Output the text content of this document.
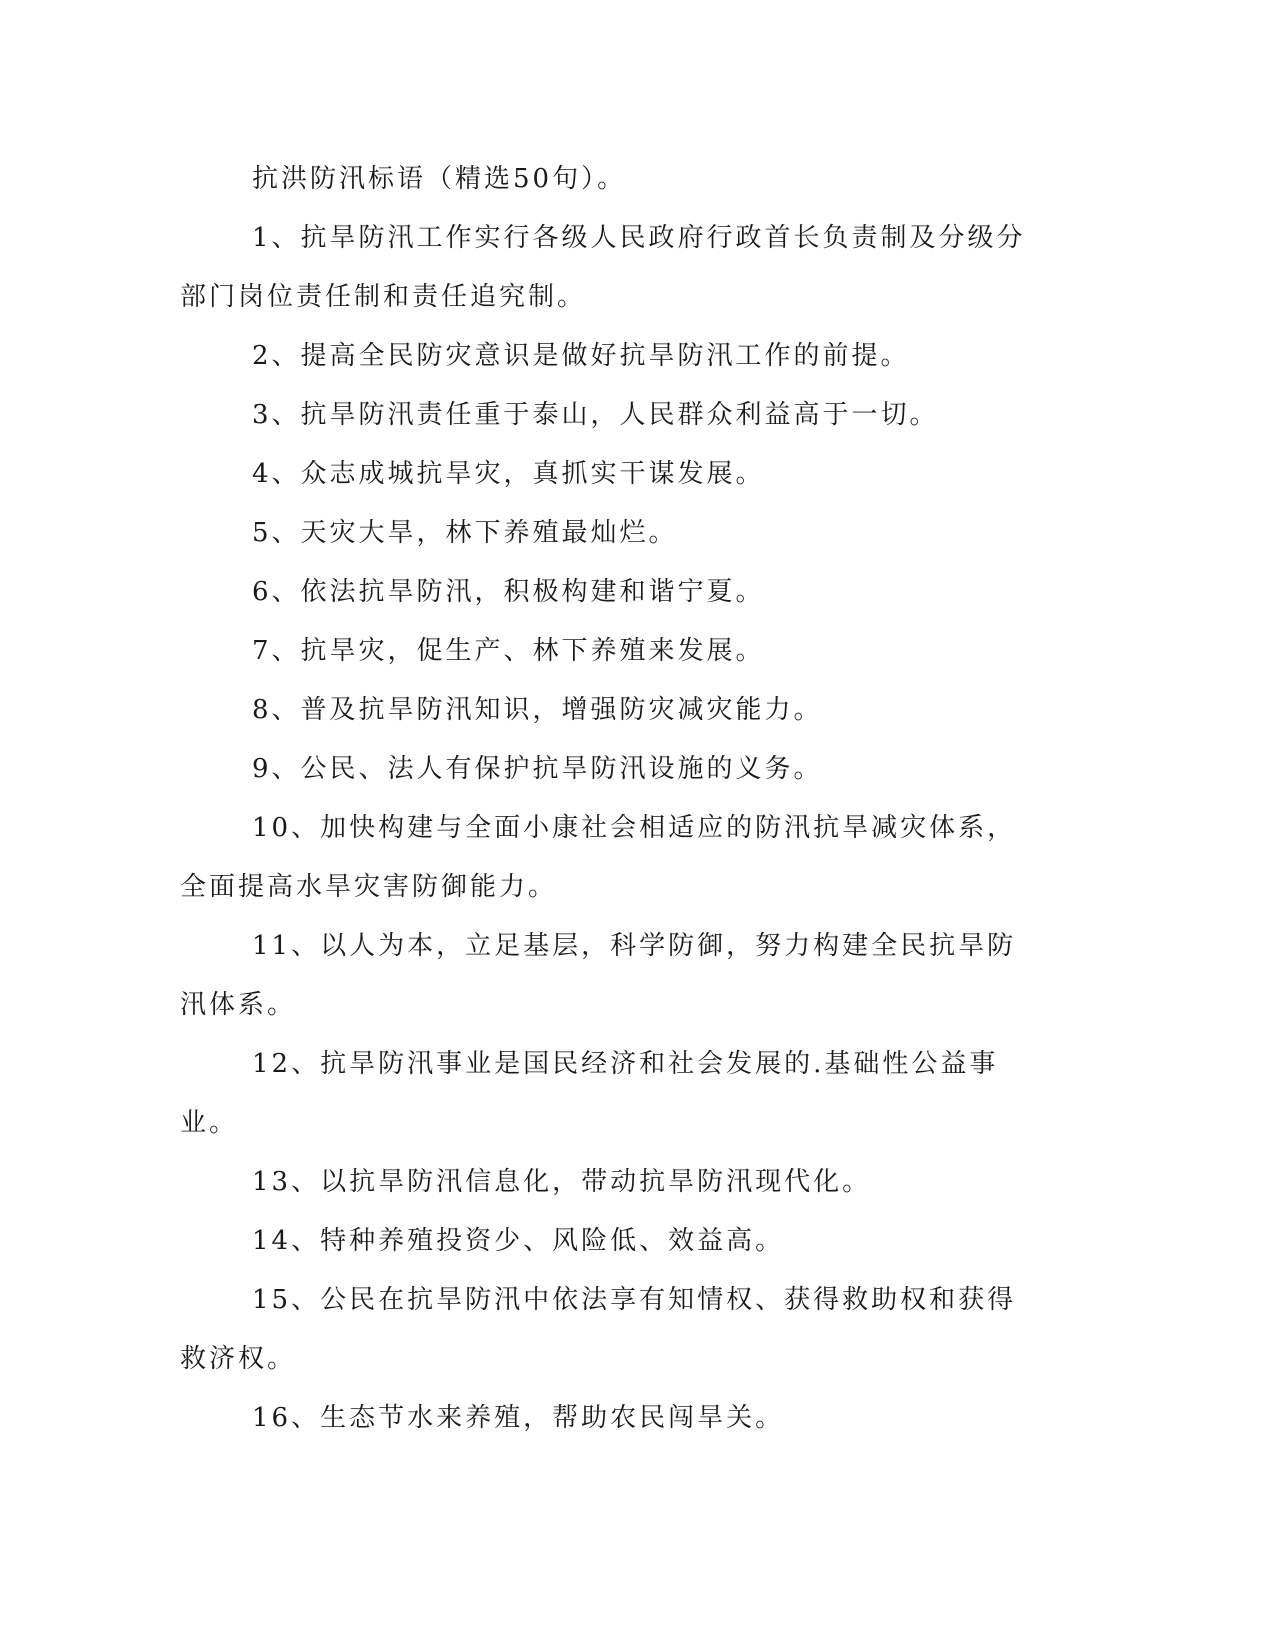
抗洪防汛标语（精选50句）。

1、抗旱防汛工作实行各级人民政府行政首长负责制及分级分部门岗位责任制和责任追究制。

2、提高全民防灾意识是做好抗旱防汛工作的前提。

3、抗旱防汛责任重于泰山，人民群众利益高于一切。

4、众志成城抗旱灾，真抓实干谋发展。

5、天灾大旱，林下养殖最灿烂。

6、依法抗旱防汛，积极构建和谐宁夏。

7、抗旱灾，促生产、林下养殖来发展。

8、普及抗旱防汛知识，增强防灾减灾能力。

9、公民、法人有保护抗旱防汛设施的义务。

10、加快构建与全面小康社会相适应的防汛抗旱减灾体系，全面提高水旱灾害防御能力。

11、以人为本，立足基层，科学防御，努力构建全民抗旱防汛体系。

12、抗旱防汛事业是国民经济和社会发展的.基础性公益事业。

13、以抗旱防汛信息化，带动抗旱防汛现代化。

14、特种养殖投资少、风险低、效益高。

15、公民在抗旱防汛中依法享有知情权、获得救助权和获得救济权。

16、生态节水来养殖，帮助农民闯旱关。
